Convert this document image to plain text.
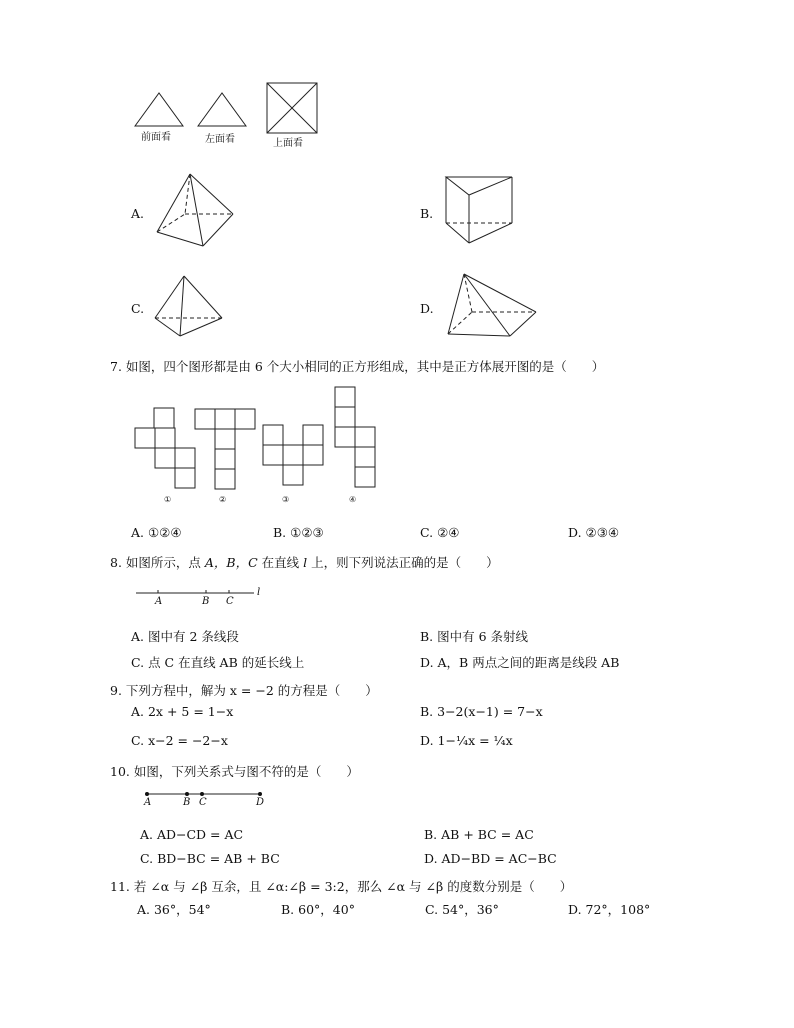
前面看	左面看	上面看
A.	B.
C.	D.
7. 如图，四个图形都是由 6 个大小相同的正方形组成，其中是正方体展开图的是（　　）
①	②	③	④
A. ①②④	B. ①②③	C. ②④	D. ②③④
8. 如图所示，点 A，B，C 在直线 l 上，则下列说法正确的是（　　）
A	B C
l
A. 图中有 2 条线段	B. 图中有 6 条射线
C. 点 C 在直线 AB 的延长线上	D. A，B 两点之间的距离是线段 AB
9. 下列方程中，解为 x = −2 的方程是（　　）
A. 2x + 5 = 1−x	B. 3−2(x−1) = 7−x
C. x−2 = −2−x	D. 1−¼x = ¼x
10. 如图，下列关系式与图不符的是（　　）
A	B C	D
A. AD−CD = AC	B. AB + BC = AC
C. BD−BC = AB + BC	D. AD−BD = AC−BC
11. 若 ∠α 与 ∠β 互余，且 ∠α:∠β = 3:2，那么 ∠α 与 ∠β 的度数分别是（　　）
A. 36°，54°	B. 60°，40°	C. 54°，36°	D. 72°，108°
